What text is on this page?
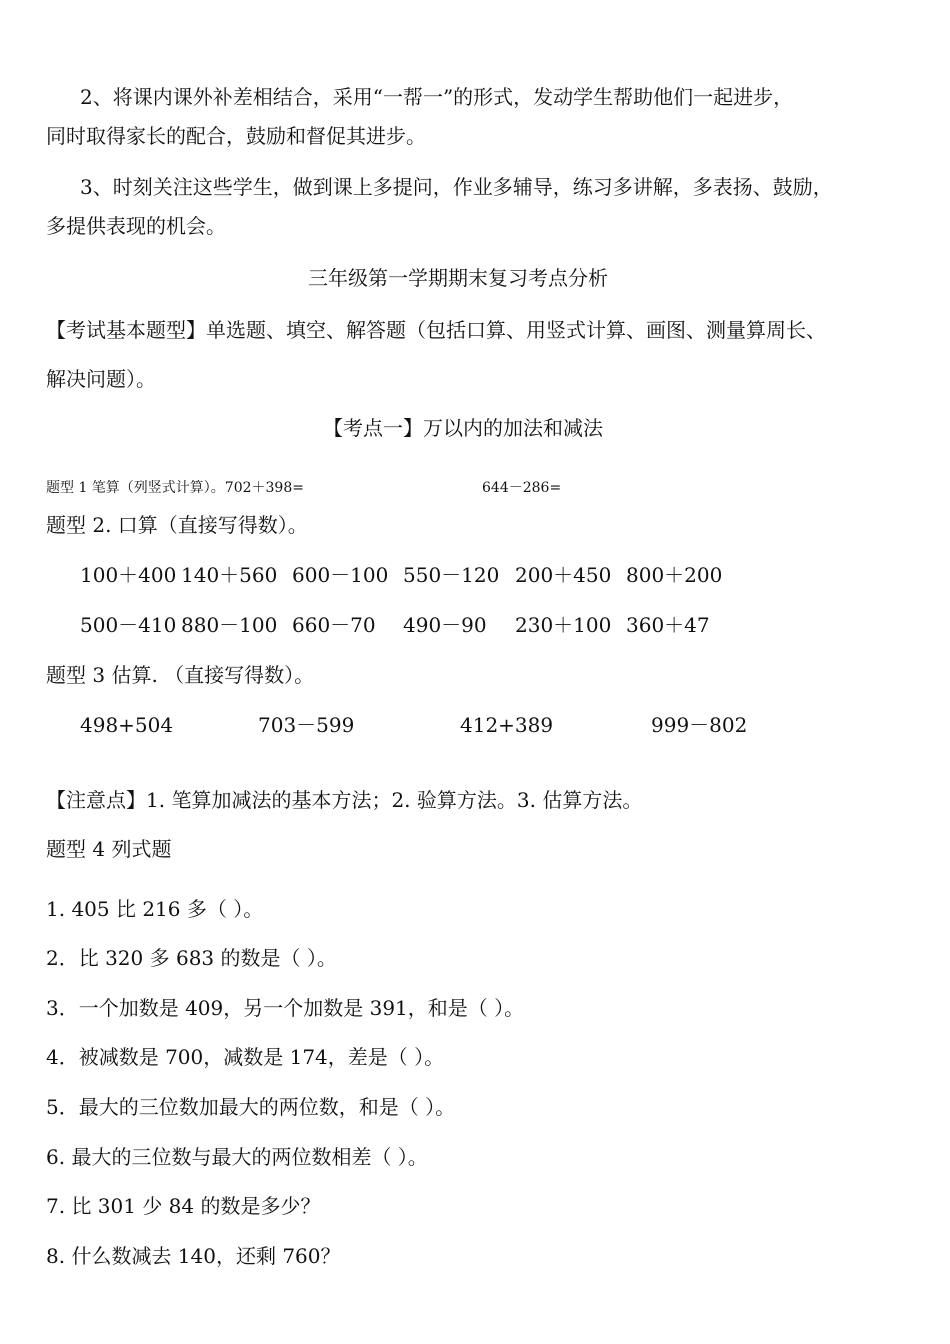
2、将课内课外补差相结合，采用“一帮一”的形式，发动学生帮助他们一起进步，
同时取得家长的配合，鼓励和督促其进步。
3、时刻关注这些学生，做到课上多提问，作业多辅导，练习多讲解，多表扬、鼓励，
多提供表现的机会。
三年级第一学期期末复习考点分析
【考试基本题型】单选题、填空、解答题（包括口算、用竖式计算、画图、测量算周长、
解决问题）。
【考点一】万以内的加法和减法
题型 1 笔算（列竖式计算）。702＋398=	644－286=
题型 2. 口算（直接写得数）。
100＋400 140＋560 600－100 550－120 200＋450 800＋200
500－410 880－100 660－70 490－90 230＋100 360＋47
题型 3 估算. （直接写得数）。
498+504	703－599	412+389	999－802
【注意点】1. 笔算加减法的基本方法；2. 验算方法。3. 估算方法。
题型 4 列式题
1. 405 比 216 多（ ）。
2．比 320 多 683 的数是（ ）。
3．一个加数是 409，另一个加数是 391，和是（ ）。
4．被减数是 700，减数是 174，差是（ ）。
5．最大的三位数加最大的两位数，和是（ ）。
6. 最大的三位数与最大的两位数相差（ ）。
7. 比 301 少 84 的数是多少？
8. 什么数减去 140，还剩 760？
